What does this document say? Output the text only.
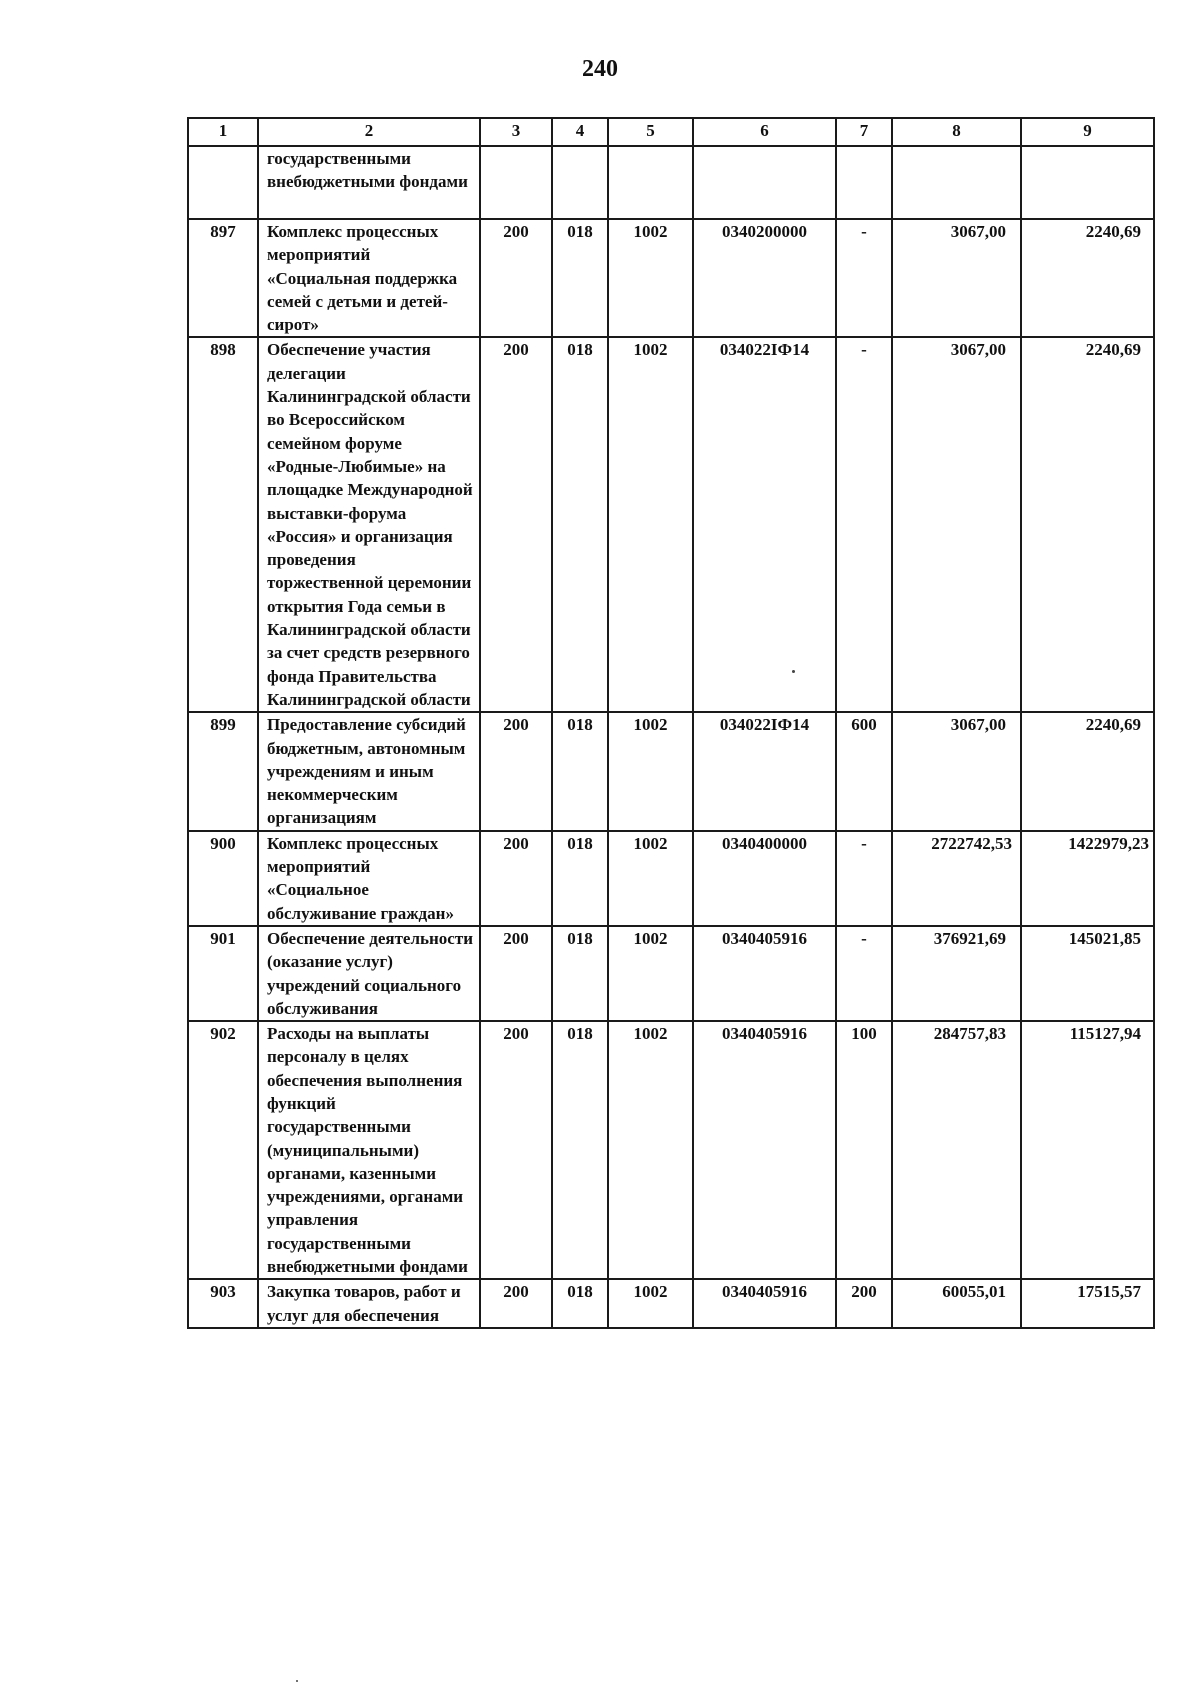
240
1	2	3	4	5	6	7	8	9
	государственными внебюджетными фондами							
897	Комплекс процессных мероприятий «Социальная поддержка семей с детьми и детей-сирот»	200	018	1002	0340200000	-	3067,00	2240,69
898	Обеспечение участия делегации Калининградской области во Всероссийском семейном форуме «Родные-Любимые» на площадке Международной выставки-форума «Россия» и организация проведения торжественной церемонии открытия Года семьи в Калининградской области за счет средств резервного фонда Правительства Калининградской области	200	018	1002	034022IФ14	-	3067,00	2240,69
899	Предоставление субсидий бюджетным, автономным учреждениям и иным некоммерческим организациям	200	018	1002	034022IФ14	600	3067,00	2240,69
900	Комплекс процессных мероприятий «Социальное обслуживание граждан»	200	018	1002	0340400000	-	2722742,53	1422979,23
901	Обеспечение деятельности (оказание услуг) учреждений социального обслуживания	200	018	1002	0340405916	-	376921,69	145021,85
902	Расходы на выплаты персоналу в целях обеспечения выполнения функций государственными (муниципальными) органами, казенными учреждениями, органами управления государственными внебюджетными фондами	200	018	1002	0340405916	100	284757,83	115127,94
903	Закупка товаров, работ и услуг для обеспечения	200	018	1002	0340405916	200	60055,01	17515,57
